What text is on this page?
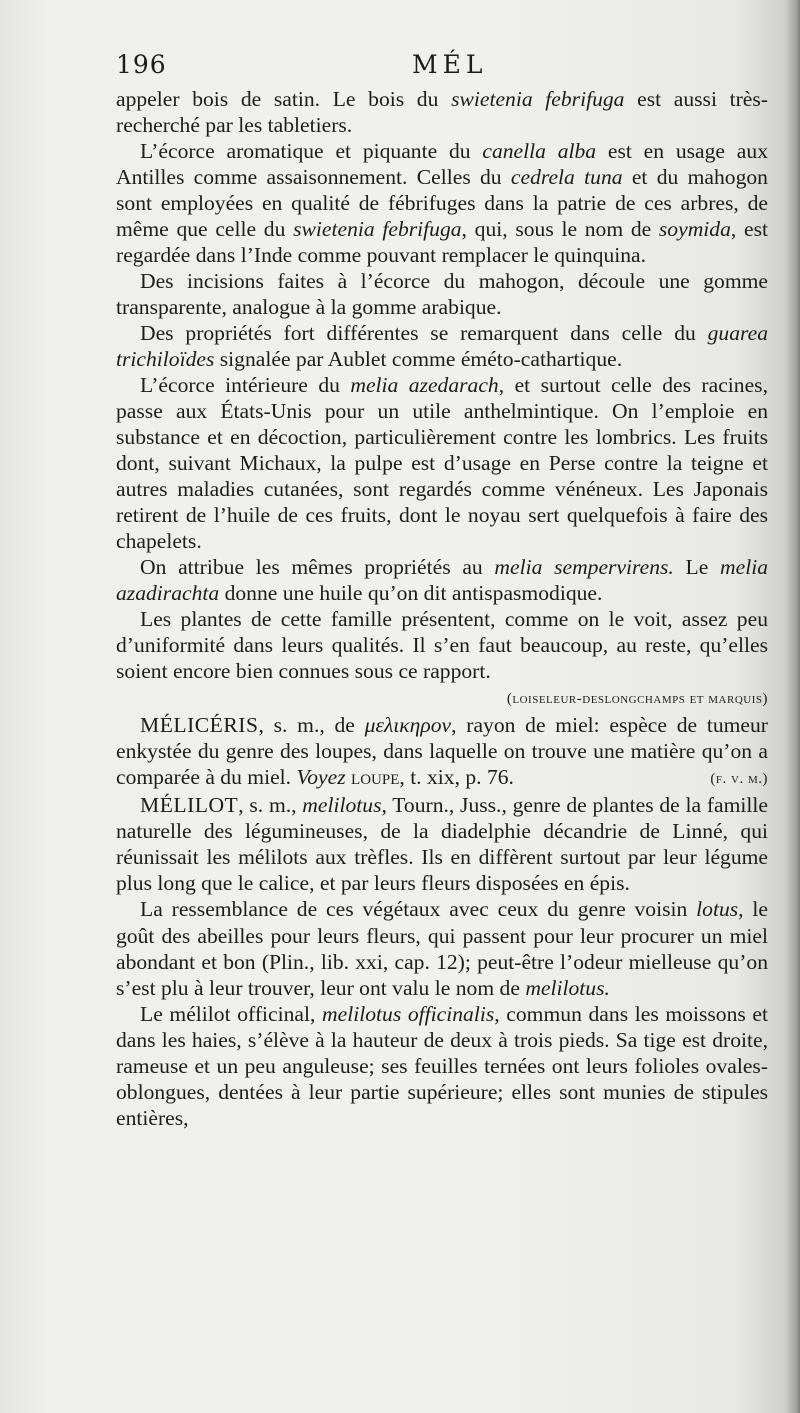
196	MÉL

appeler bois de satin. Le bois du swietenia febrifuga est aussi très-recherché par les tabletiers.

L’écorce aromatique et piquante du canella alba est en usage aux Antilles comme assaisonnement. Celles du cedrela tuna et du mahogon sont employées en qualité de fébrifuges dans la patrie de ces arbres, de même que celle du swietenia febrifuga, qui, sous le nom de soymida, est regardée dans l’Inde comme pouvant remplacer le quinquina.

Des incisions faites à l’écorce du mahogon, découle une gomme transparente, analogue à la gomme arabique.

Des propriétés fort différentes se remarquent dans celle du guarea trichiloïdes signalée par Aublet comme éméto-cathartique.

L’écorce intérieure du melia azedarach, et surtout celle des racines, passe aux États-Unis pour un utile anthelmintique. On l’emploie en substance et en décoction, particulièrement contre les lombrics. Les fruits dont, suivant Michaux, la pulpe est d’usage en Perse contre la teigne et autres maladies cutanées, sont regardés comme vénéneux. Les Japonais retirent de l’huile de ces fruits, dont le noyau sert quelquefois à faire des chapelets.

On attribue les mêmes propriétés au melia sempervirens. Le melia azadirachta donne une huile qu’on dit antispasmodique.

Les plantes de cette famille présentent, comme on le voit, assez peu d’uniformité dans leurs qualités. Il s’en faut beaucoup, au reste, qu’elles soient encore bien connues sous ce rapport.
(loiseleur-deslongchamps et marquis)

MÉLICÉRIS, s. m., de μελικηρον, rayon de miel: espèce de tumeur enkystée du genre des loupes, dans laquelle on trouve une matière qu’on a comparée à du miel. Voyez loupe, t. xix, p. 76.	(f. v. m.)

MÉLILOT, s. m., melilotus, Tourn., Juss., genre de plantes de la famille naturelle des légumineuses, de la diadelphie décandrie de Linné, qui réunissait les mélilots aux trèfles. Ils en diffèrent surtout par leur légume plus long que le calice, et par leurs fleurs disposées en épis.

La ressemblance de ces végétaux avec ceux du genre voisin lotus, le goût des abeilles pour leurs fleurs, qui passent pour leur procurer un miel abondant et bon (Plin., lib. xxi, cap. 12); peut-être l’odeur mielleuse qu’on s’est plu à leur trouver, leur ont valu le nom de melilotus.

Le mélilot officinal, melilotus officinalis, commun dans les moissons et dans les haies, s’élève à la hauteur de deux à trois pieds. Sa tige est droite, rameuse et un peu anguleuse; ses feuilles ternées ont leurs folioles ovales-oblongues, dentées à leur partie supérieure; elles sont munies de stipules entières,
